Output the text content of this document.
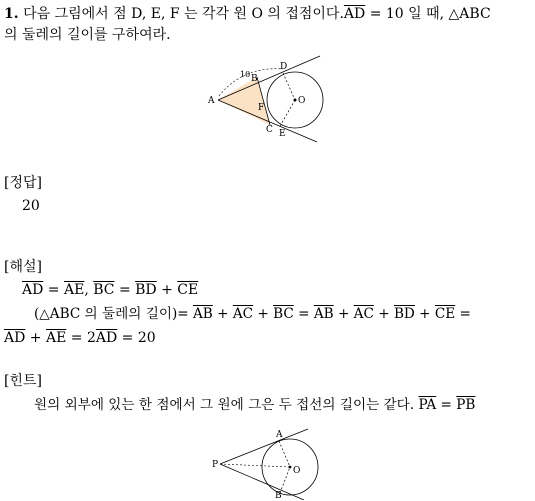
1. 다음 그림에서 점 D, E, F 는 각각 원 O 의 접점이다$.\overline{AD} = 10$ 일 때, △ABC
의 둘레의 길이를 구하여라.
10
A
B
C
D
E
F
O
[정답]
20
[해설]
$\overline{AD} = \overline{AE}$, $\overline{BC} = \overline{BD} + \overline{CE}$
(△ABC 의 둘레의 길이)= $\overline{AB} + \overline{AC} + \overline{BC} = \overline{AB} + \overline{AC} + \overline{BD} + \overline{CE}$ =
$\overline{AD} + \overline{AE} = 2\overline{AD} = 20$
[힌트]
원의 외부에 있는 한 점에서 그 원에 그은 두 접선의 길이는 같다. $\overline{PA} = \overline{PB}$
A
B
P
O
